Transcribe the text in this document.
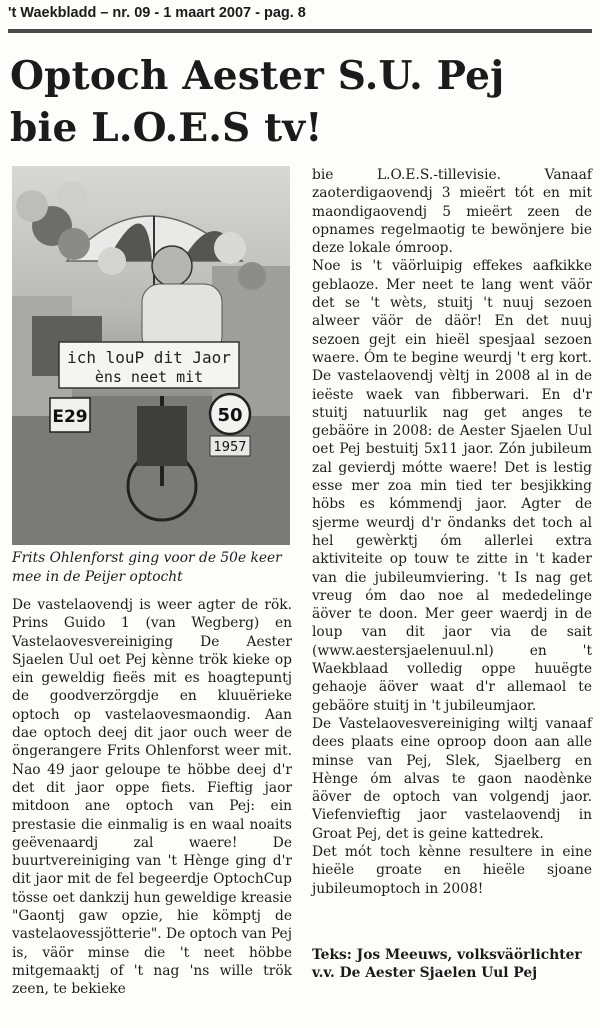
't Waekbladd – nr. 09 - 1 maart 2007 - pag. 8
Optoch Aester S.U. Pej
bie L.O.E.S tv!
ich louP dit Jaor
èns neet mit
E29	50
1957
Frits Ohlenforst ging voor de 50e keer mee in de Peijer optocht

De vastelaovendj is weer agter de rök. Prins Guido 1 (van Wegberg) en Vastelaovesvereiniging De Aester Sjaelen Uul oet Pej kènne trök kieke op ein geweldig fieës mit es hoagtepuntj de goodverzörgdje en kluuërieke optoch op vastelaovesmaondig. Aan dae optoch deej dit jaor ouch weer de öngerangere Frits Ohlenforst weer mit. Nao 49 jaor geloupe te höbbe deej d'r det dit jaor oppe fiets. Fieftig jaor mitdoon ane optoch van Pej: ein prestasie die einmalig is en waal noaits geëvenaardj zal waere! De buurtvereiniging van 't Hènge ging d'r dit jaor mit de fel begeerdje OptochCup tösse oet dankzij hun geweldige kreasie "Gaontj gaw opzie, hie kömptj de vastelaovessjötterie". De optoch van Pej is, väör minse die 't neet höbbe mitgemaaktj of 't nag 'ns wille trök zeen, te bekieke

bie L.O.E.S.-tillevisie. Vanaaf zaoterdigaovendj 3 mieërt tót en mit maondigaovendj 5 mieërt zeen de opnames regelmaotig te bewönjere bie deze lokale ómroop.

Noe is 't väörluipig effekes aafkikke geblaoze. Mer neet te lang went väör det se 't wèts, stuitj 't nuuj sezoen alweer väör de däör! En det nuuj sezoen gejt ein hieël spesjaal sezoen waere. Óm te begine weurdj 't erg kort. De vastelaovendj vèltj in 2008 al in de ieëste waek van fibberwari. En d'r stuitj natuurlik nag get anges te gebäöre in 2008: de Aester Sjaelen Uul oet Pej bestuitj 5x11 jaor. Zón jubileum zal gevierdj mótte waere! Det is lestig esse mer zoa min tied ter besjikking höbs es kómmendj jaor. Agter de sjerme weurdj d'r öndanks det toch al hel gewèrktj óm allerlei extra aktiviteite op touw te zitte in 't kader van die jubileumviering. 't Is nag get vreug óm dao noe al mededelinge äöver te doon. Mer geer waerdj in de loup van dit jaor via de sait (www.aestersjaelenuul.nl) en 't Waekblaad volledig oppe huuëgte gehaoje äöver waat d'r allemaol te gebäöre stuitj in 't jubileumjaor.

De Vastelaovesvereiniging wiltj vanaaf dees plaats eine oproop doon aan alle minse van Pej, Slek, Sjaelberg en Hènge óm alvas te gaon naodènke äöver de optoch van volgendj jaor. Viefenvieftig jaor vastelaovendj in Groat Pej, det is geine kattedrek.

Det mót toch kènne resultere in eine hieële groate en hieële sjoane jubileumoptoch in 2008!

Teks: Jos Meeuws, volksväörlichter v.v. De Aester Sjaelen Uul Pej
